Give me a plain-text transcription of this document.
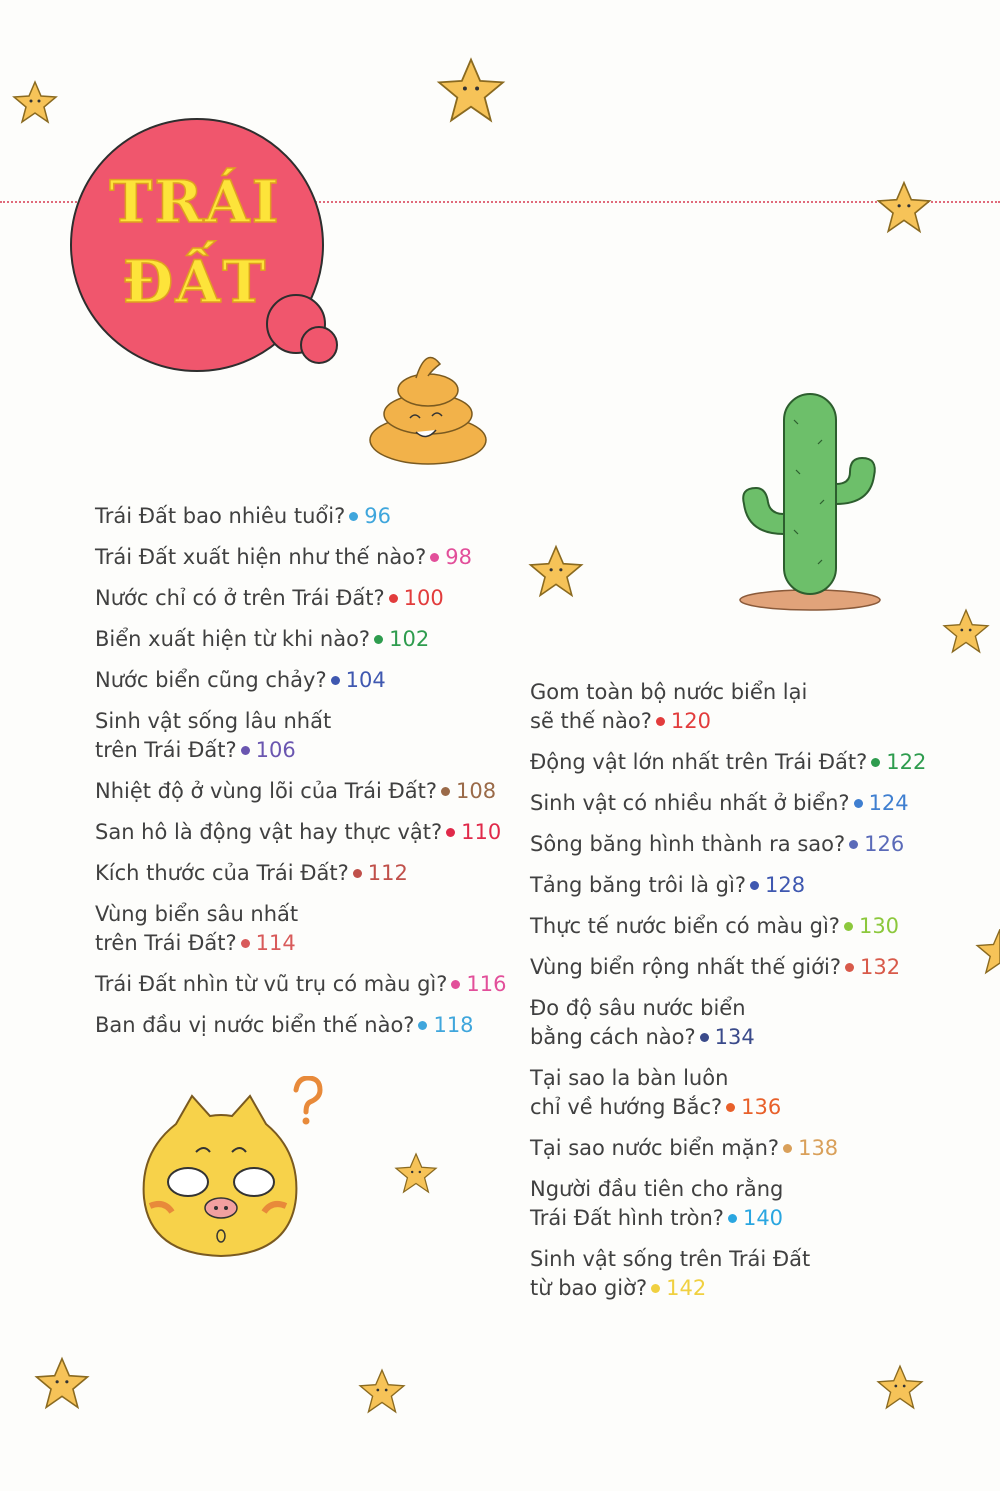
TRÁI
ĐẤT
Trái Đất bao nhiêu tuổi? 96
Trái Đất xuất hiện như thế nào? 98
Nước chỉ có ở trên Trái Đất? 100
Biển xuất hiện từ khi nào? 102
Nước biển cũng chảy? 104
Sinh vật sống lâu nhất
trên Trái Đất? 106
Nhiệt độ ở vùng lõi của Trái Đất? 108
San hô là động vật hay thực vật? 110
Kích thước của Trái Đất? 112
Vùng biển sâu nhất
trên Trái Đất? 114
Trái Đất nhìn từ vũ trụ có màu gì? 116
Ban đầu vị nước biển thế nào? 118
Gom toàn bộ nước biển lại
sẽ thế nào? 120
Động vật lớn nhất trên Trái Đất? 122
Sinh vật có nhiều nhất ở biển? 124
Sông băng hình thành ra sao? 126
Tảng băng trôi là gì? 128
Thực tế nước biển có màu gì? 130
Vùng biển rộng nhất thế giới? 132
Đo độ sâu nước biển
bằng cách nào? 134
Tại sao la bàn luôn
chỉ về hướng Bắc? 136
Tại sao nước biển mặn? 138
Người đầu tiên cho rằng
Trái Đất hình tròn? 140
Sinh vật sống trên Trái Đất
từ bao giờ? 142
